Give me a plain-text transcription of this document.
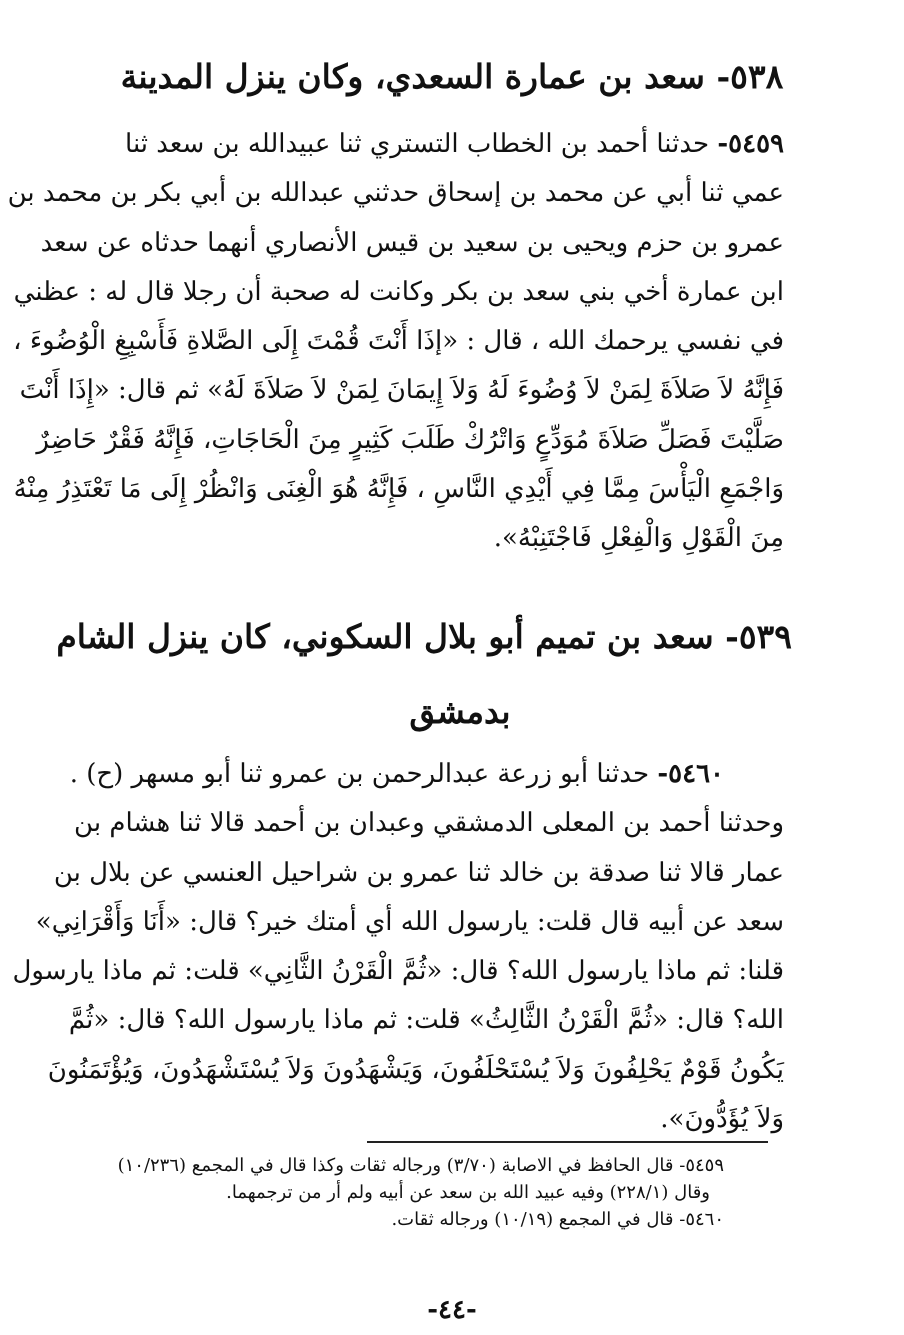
٥٣٨- سعد بن عمارة السعدي، وكان ينزل المدينة
٥٤٥٩- حدثنا أحمد بن الخطاب التستري ثنا عبيدالله بن سعد ثنا
عمي ثنا أبي عن محمد بن إسحاق حدثني عبدالله بن أبي بكر بن محمد بن
عمرو بن حزم ويحيى بن سعيد بن قيس الأنصاري أنهما حدثاه عن سعد
ابن عمارة أخي بني سعد بن بكر وكانت له صحبة أن رجلا قال له : عظني
في نفسي يرحمك الله ، قال : «إذَا أَنْتَ قُمْتَ إِلَى الصَّلاةِ فَأَسْبِغِ الْوُضُوءَ ،
فَإِنَّهُ لاَ صَلاَةَ لِمَنْ لاَ وُضُوءَ لَهُ وَلاَ إِيمَانَ لِمَنْ لاَ صَلاَةَ لَهُ» ثم قال: «إِذَا أَنْتَ
صَلَّيْتَ فَصَلِّ صَلاَةَ مُوَدِّعٍ وَاتْرُكْ طَلَبَ كَثِيرٍ مِنَ الْحَاجَاتِ، فَإِنَّهُ فَقْرٌ حَاضِرٌ
وَاجْمَعِ الْيَأْسَ مِمَّا فِي أَيْدِي النَّاسِ ، فَإِنَّهُ هُوَ الْغِنَى وَانْظُرْ إِلَى مَا تَعْتَذِرُ مِنْهُ
مِنَ الْقَوْلِ وَالْفِعْلِ فَاجْتَنِبْهُ».
٥٣٩- سعد بن تميم أبو بلال السكوني، كان ينزل الشام
بدمشق
٥٤٦٠- حدثنا أبو زرعة عبدالرحمن بن عمرو ثنا أبو مسهر (ح) .
وحدثنا أحمد بن المعلى الدمشقي وعبدان بن أحمد قالا ثنا هشام بن
عمار قالا ثنا صدقة بن خالد ثنا عمرو بن شراحيل العنسي عن بلال بن
سعد عن أبيه قال قلت: يارسول الله أي أمتك خير؟ قال: «أَنَا وَأَقْرَانِي»
قلنا: ثم ماذا يارسول الله؟ قال: «ثُمَّ الْقَرْنُ الثَّانِي» قلت: ثم ماذا يارسول
الله؟ قال: «ثُمَّ الْقَرْنُ الثَّالِثُ» قلت: ثم ماذا يارسول الله؟ قال: «ثُمَّ
يَكُونُ قَوْمٌ يَحْلِفُونَ وَلاَ يُسْتَحْلَفُونَ، وَيَشْهَدُونَ وَلاَ يُسْتَشْهَدُونَ، وَيُؤْتَمَنُونَ
وَلاَ يُؤَدُّونَ».
٥٤٥٩- قال الحافظ في الاصابة (٣/٧٠) ورجاله ثقات وكذا قال في المجمع (١٠/٢٣٦)
وقال (٢٢٨/١) وفيه عبيد الله بن سعد عن أبيه ولم أر من ترجمهما.
٥٤٦٠- قال في المجمع (١٠/١٩) ورجاله ثقات.
-٤٤-
